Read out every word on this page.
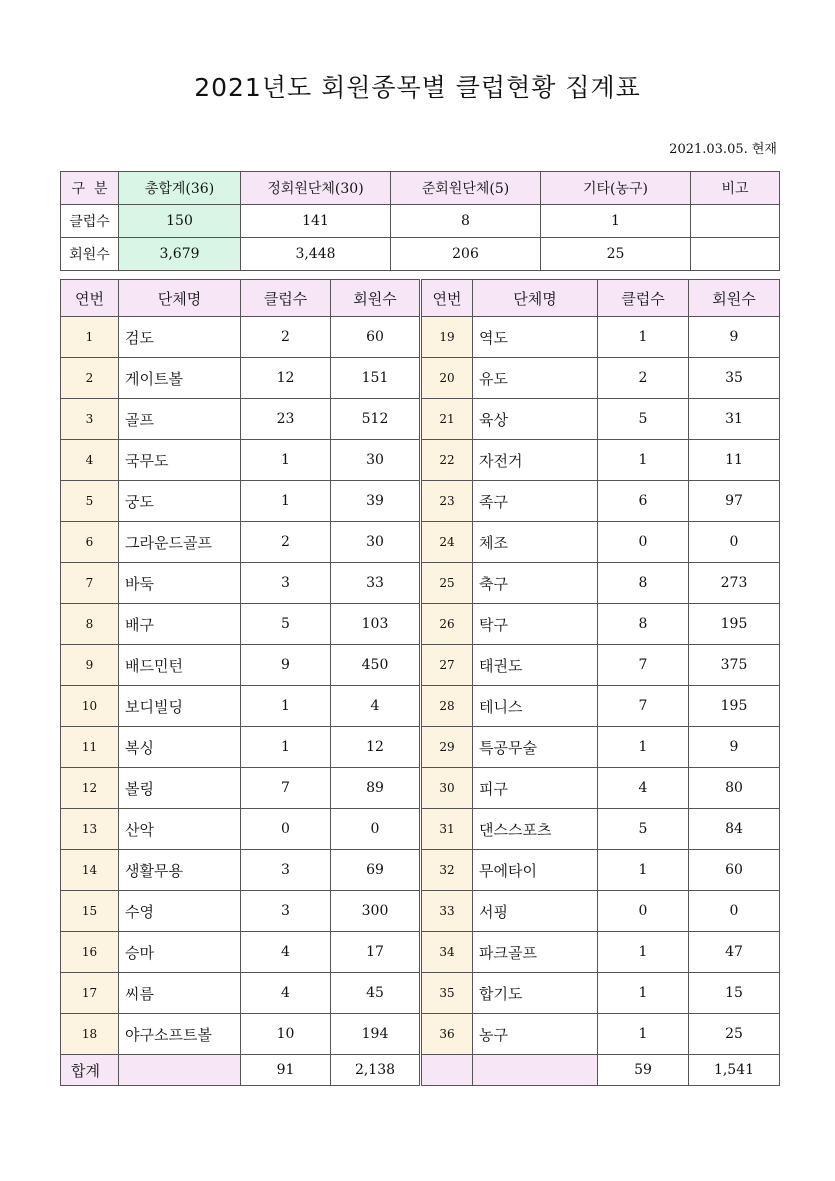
2021년도 회원종목별 클럽현황 집계표
2021.03.05. 현재
구  분	총합계(36)	정회원단체(30)	준회원단체(5)	기타(농구)	비고
클럽수	150	141	8	1	
회원수	3,679	3,448	206	25	
연번	단체명	클럽수	회원수	연번	단체명	클럽수	회원수
1	검도	2	60	19	역도	1	9
2	게이트볼	12	151	20	유도	2	35
3	골프	23	512	21	육상	5	31
4	국무도	1	30	22	자전거	1	11
5	궁도	1	39	23	족구	6	97
6	그라운드골프	2	30	24	체조	0	0
7	바둑	3	33	25	축구	8	273
8	배구	5	103	26	탁구	8	195
9	배드민턴	9	450	27	태권도	7	375
10	보디빌딩	1	4	28	테니스	7	195
11	복싱	1	12	29	특공무술	1	9
12	볼링	7	89	30	피구	4	80
13	산악	0	0	31	댄스스포츠	5	84
14	생활무용	3	69	32	무에타이	1	60
15	수영	3	300	33	서핑	0	0
16	승마	4	17	34	파크골프	1	47
17	씨름	4	45	35	합기도	1	15
18	야구소프트볼	10	194	36	농구	1	25
합계		91	2,138			59	1,541
